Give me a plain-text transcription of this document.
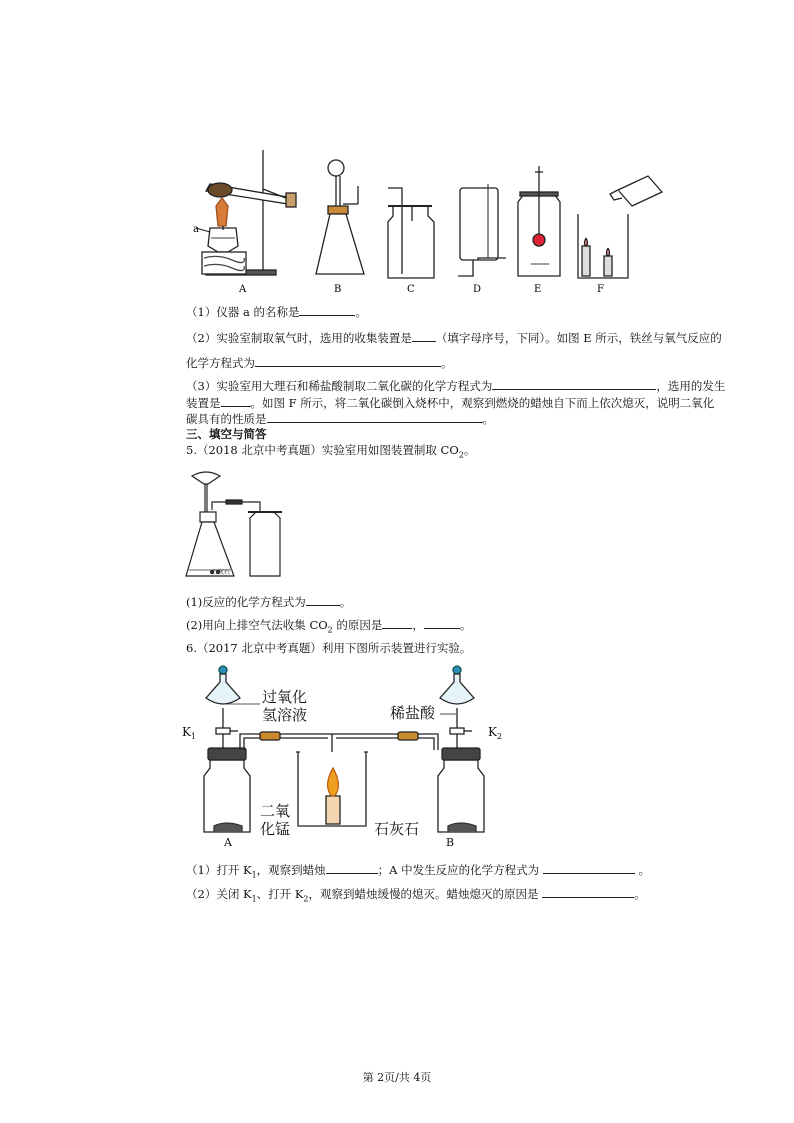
a
A	B	C	D	E	F
（1）仪器 a 的名称是	。
（2）实验室制取氧气时，选用的收集装置是 （填字母序号，下同）。如图 E 所示，铁丝与氧气反应的
化学方程式为	。
（3）实验室用大理石和稀盐酸制取二氧化碳的化学方程式为	，选用的发生
装置是	。如图 F 所示，将二氧化碳倒入烧杯中，观察到燃烧的蜡烛自下而上依次熄灭，说明二氧化
碳具有的性质是	。
三、填空与简答
5.（2018 北京中考真题）实验室用如图装置制取 $CO_2$。
石灰石
(1)反应的化学方程式为	。
(2)用向上排空气法收集 $CO_2$ 的原因是	，	。
6.（2017 北京中考真题）利用下图所示装置进行实验。
过氧化
氢溶液	稀盐酸
$K_1$	$K_2$
二氧
化锰	石灰石
A	B
（1）打开 $K_1$，观察到蜡烛	；A 中发生反应的化学方程式为	。
（2）关闭 $K_1$、打开 $K_2$，观察到蜡烛缓慢的熄灭。蜡烛熄灭的原因是	。
第 2页/共 4页
